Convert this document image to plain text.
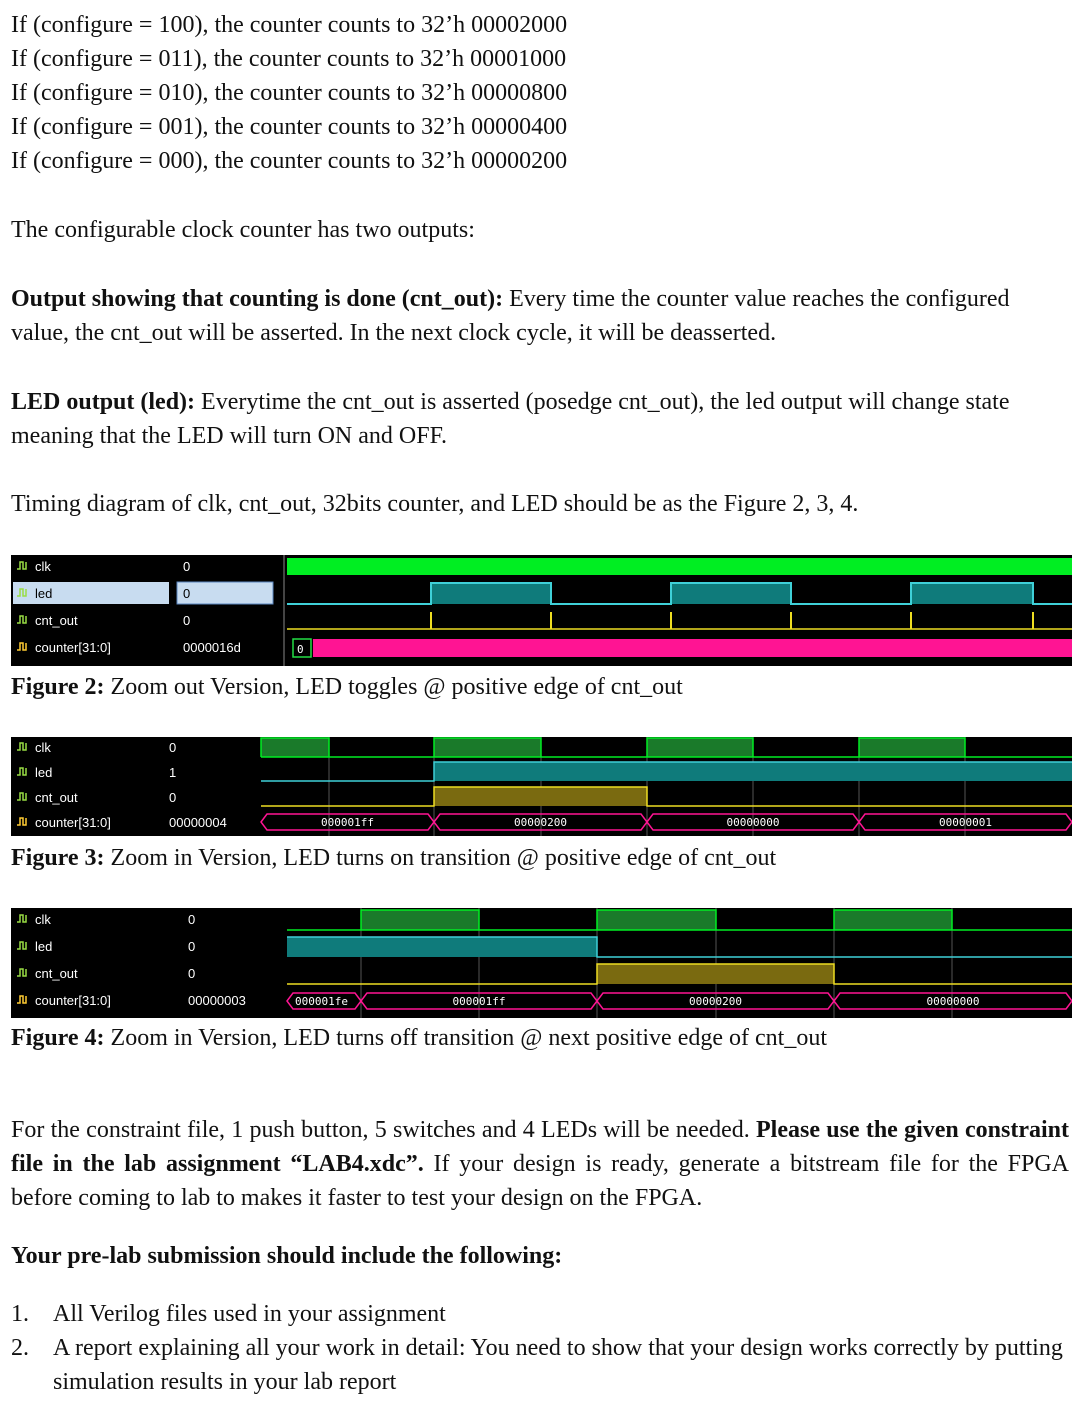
If (configure = 100), the counter counts to 32’h 00002000
If (configure = 011), the counter counts to 32’h 00001000
If (configure = 010), the counter counts to 32’h 00000800
If (configure = 001), the counter counts to 32’h 00000400
If (configure = 000), the counter counts to 32’h 00000200
The configurable clock counter has two outputs:
Output showing that counting is done (cnt_out): Every time the counter value reaches the configured value, the cnt_out will be asserted. In the next clock cycle, it will be deasserted.
LED output (led): Everytime the cnt_out is asserted (posedge cnt_out), the led output will change state meaning that the LED will turn ON and OFF.
Timing diagram of clk, cnt_out, 32bits counter, and LED should be as the Figure 2, 3, 4.
clk
led
cnt_out
counter[31:0]
0
0
0
0000016d	0
Figure 2: Zoom out Version, LED toggles @ positive edge of cnt_out
clk
led
cnt_out
counter[31:0]
0
1
0
00000004	000001ff	00000200	00000000	00000001
Figure 3: Zoom in Version, LED turns on transition @ positive edge of cnt_out
clk
led
cnt_out
counter[31:0]
0
0
0
00000003	000001fe	000001ff	00000200	00000000
Figure 4: Zoom in Version, LED turns off transition @ next positive edge of cnt_out
For the constraint file, 1 push button, 5 switches and 4 LEDs will be needed. Please use the given constraint file in the lab assignment “LAB4.xdc”. If your design is ready, generate a bitstream file for the FPGA before coming to lab to makes it faster to test your design on the FPGA.
Your pre-lab submission should include the following:
1.	All Verilog files used in your assignment
2.	A report explaining all your work in detail: You need to show that your design works correctly by putting simulation results in your lab report
